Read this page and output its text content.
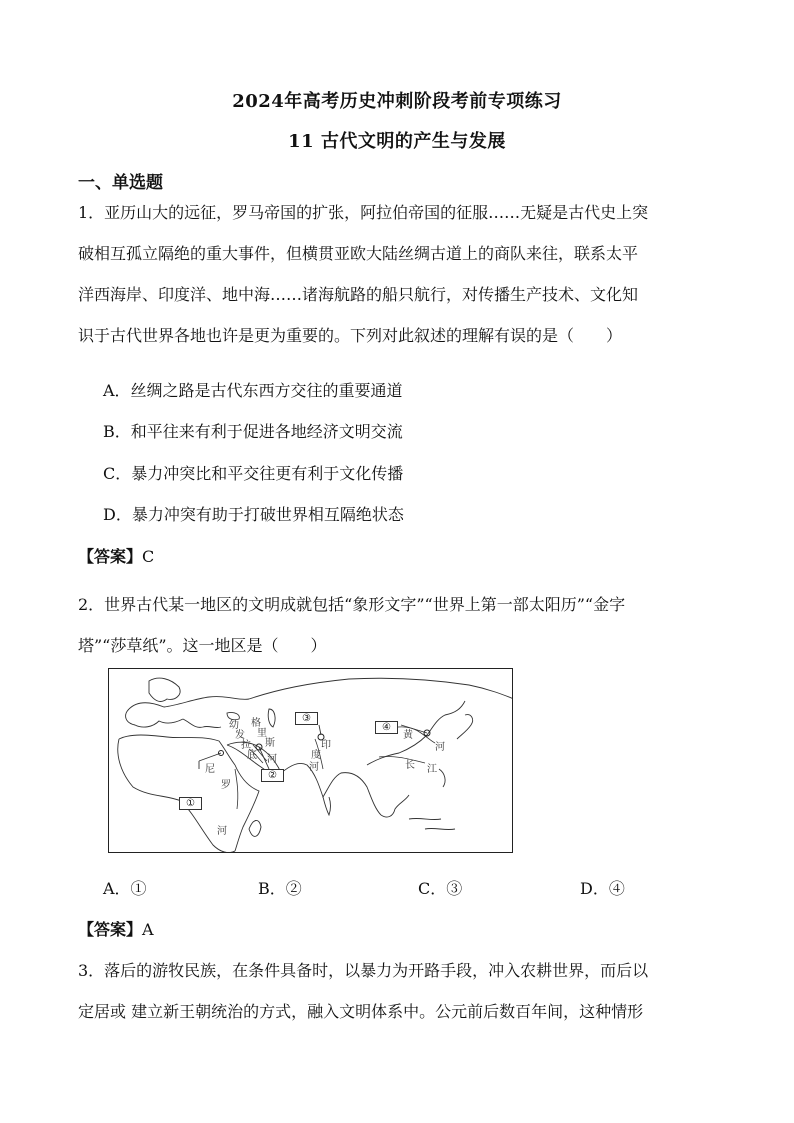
2024年高考历史冲刺阶段考前专项练习
11 古代文明的产生与发展
一、单选题
1．亚历山大的远征，罗马帝国的扩张，阿拉伯帝国的征服……无疑是古代史上突
破相互孤立隔绝的重大事件，但横贯亚欧大陆丝绸古道上的商队来往，联系太平
洋西海岸、印度洋、地中海……诸海航路的船只航行，对传播生产技术、文化知
识于古代世界各地也许是更为重要的。下列对此叙述的理解有误的是（　　）
A．丝绸之路是古代东西方交往的重要通道
B．和平往来有利于促进各地经济文明交流
C．暴力冲突比和平交往更有利于文化传播
D．暴力冲突有助于打破世界相互隔绝状态
【答案】C
2．世界古代某一地区的文明成就包括“象形文字”“世界上第一部太阳历”“金字
塔”“莎草纸”。这一地区是（　　）
①
②
③
④
幼
发
拉
底
格
里
斯
河
尼
罗
河
印
度
河
黄
河
长 江
A．①	B．②	C．③	D．④
【答案】A
3．落后的游牧民族，在条件具备时，以暴力为开路手段，冲入农耕世界，而后以
定居或 建立新王朝统治的方式，融入文明体系中。公元前后数百年间，这种情形
